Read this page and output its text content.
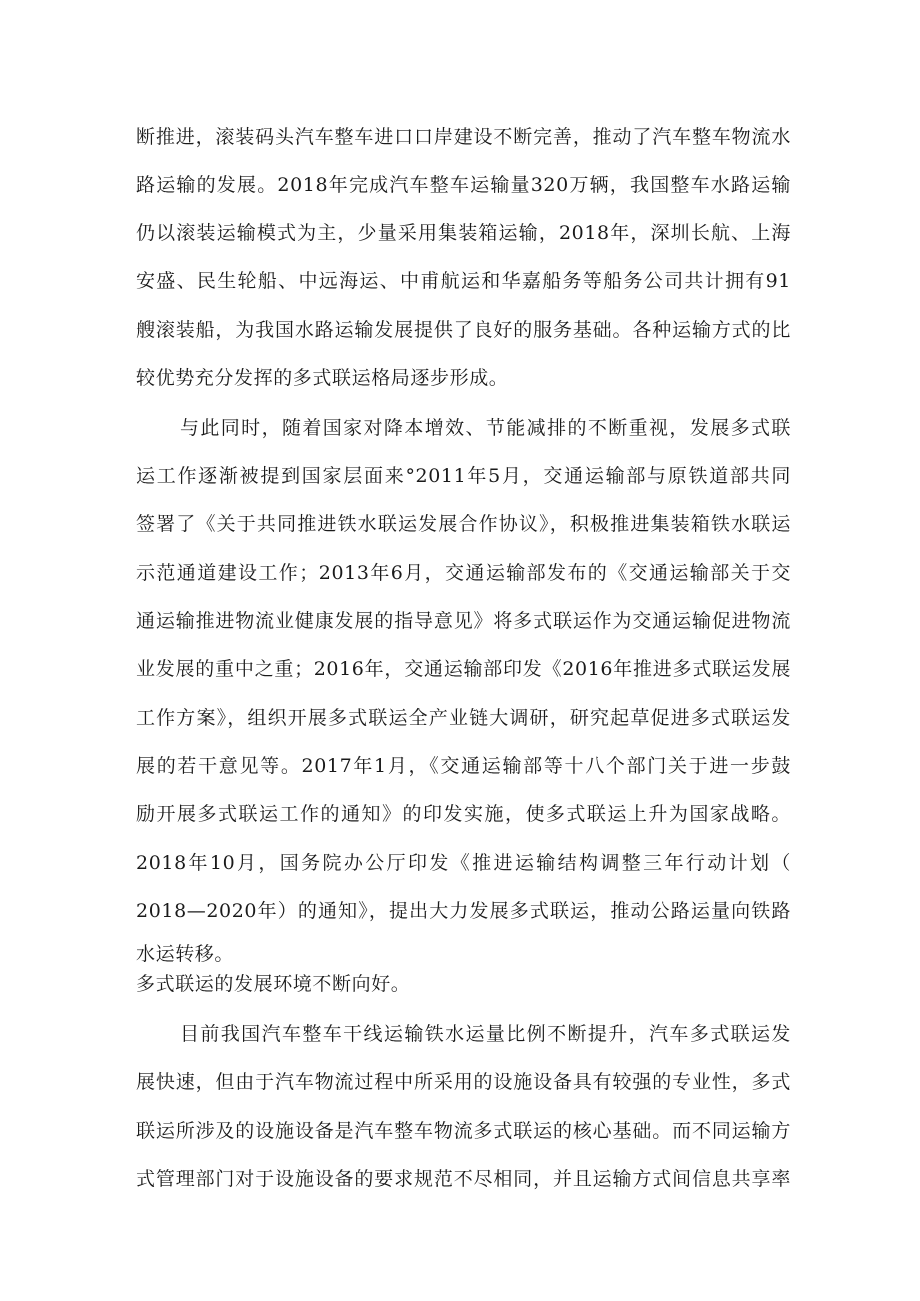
断推进，滚装码头汽车整车进口口岸建设不断完善，推动了汽车整车物流水
路运输的发展。2018年完成汽车整车运输量320万辆，我国整车水路运输
仍以滚装运输模式为主，少量采用集装箱运输，2018年，深圳长航、上海
安盛、民生轮船、中远海运、中甫航运和华嘉船务等船务公司共计拥有91
艘滚装船，为我国水路运输发展提供了良好的服务基础。各种运输方式的比
较优势充分发挥的多式联运格局逐步形成。
与此同时，随着国家对降本增效、节能减排的不断重视，发展多式联
运工作逐渐被提到国家层面来°2011年5月，交通运输部与原铁道部共同
签署了《关于共同推进铁水联运发展合作协议》，积极推进集装箱铁水联运
示范通道建设工作；2013年6月，交通运输部发布的《交通运输部关于交
通运输推进物流业健康发展的指导意见》将多式联运作为交通运输促进物流
业发展的重中之重；2016年，交通运输部印发《2016年推进多式联运发展
工作方案》，组织开展多式联运全产业链大调研，研究起草促进多式联运发
展的若干意见等。2017年1月，《交通运输部等十八个部门关于进一步鼓
励开展多式联运工作的通知》的印发实施，使多式联运上升为国家战略。
2018年10月，国务院办公厅印发《推进运输结构调整三年行动计划（
2018—2020年）的通知》，提出大力发展多式联运，推动公路运量向铁路
水运转移。
多式联运的发展环境不断向好。
目前我国汽车整车干线运输铁水运量比例不断提升，汽车多式联运发
展快速，但由于汽车物流过程中所采用的设施设备具有较强的专业性，多式
联运所涉及的设施设备是汽车整车物流多式联运的核心基础。而不同运输方
式管理部门对于设施设备的要求规范不尽相同，并且运输方式间信息共享率
